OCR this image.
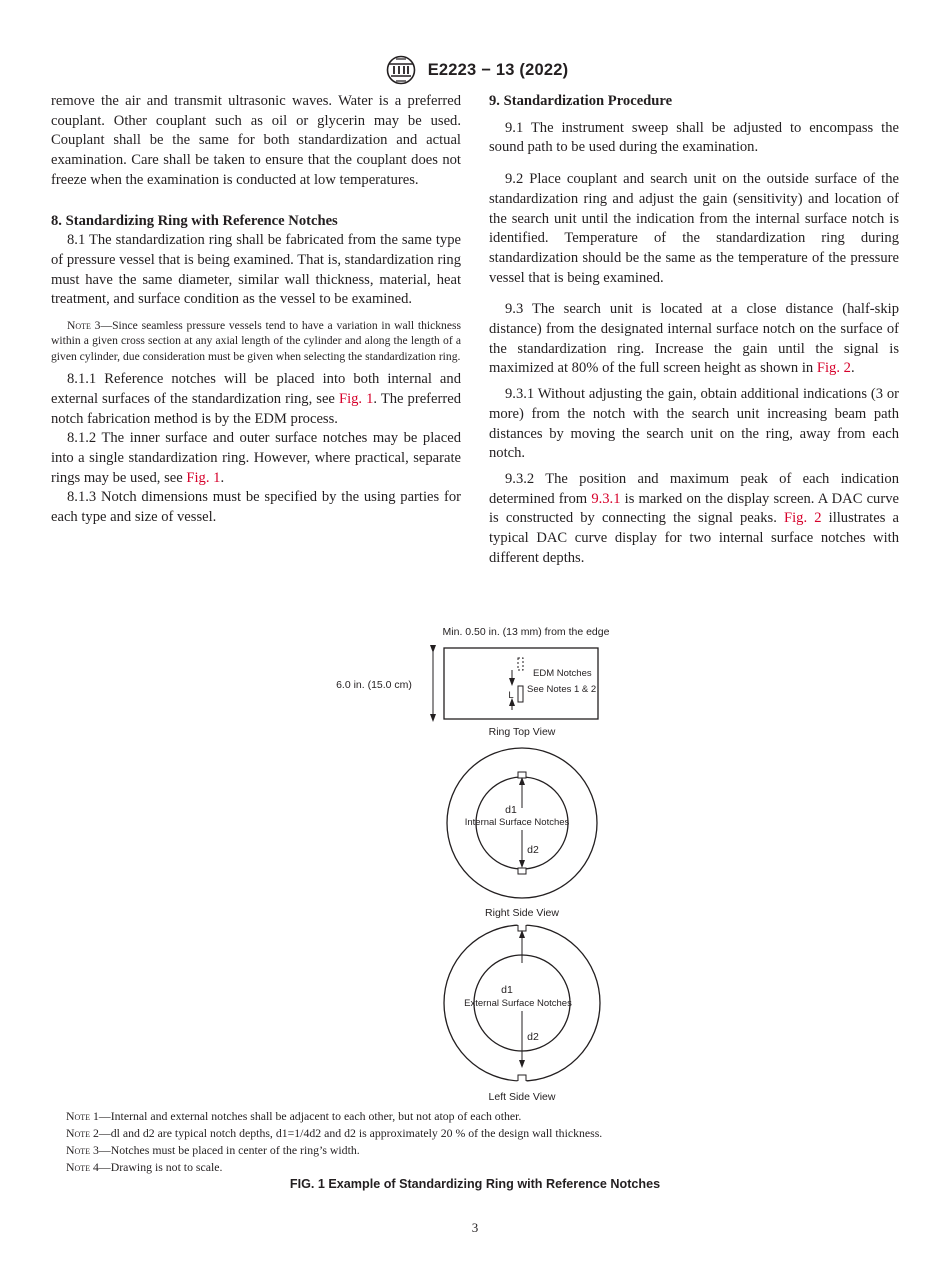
E2223 − 13 (2022)

remove the air and transmit ultrasonic waves. Water is a preferred couplant. Other couplant such as oil or glycerin may be used. Couplant shall be the same for both standardization and actual examination. Care shall be taken to ensure that the couplant does not freeze when the examination is conducted at low temperatures.

8. Standardizing Ring with Reference Notches

8.1 The standardization ring shall be fabricated from the same type of pressure vessel that is being examined. That is, standardization ring must have the same diameter, similar wall thickness, material, heat treatment, and surface condition as the vessel to be examined.

Note 3—Since seamless pressure vessels tend to have a variation in wall thickness within a given cross section at any axial length of the cylinder and along the length of a given cylinder, due consideration must be given when selecting the standardization ring.

8.1.1 Reference notches will be placed into both internal and external surfaces of the standardization ring, see Fig. 1. The preferred notch fabrication method is by the EDM process.

8.1.2 The inner surface and outer surface notches may be placed into a single standardization ring. However, where practical, separate rings may be used, see Fig. 1.

8.1.3 Notch dimensions must be specified by the using parties for each type and size of vessel.

9. Standardization Procedure

9.1 The instrument sweep shall be adjusted to encompass the sound path to be used during the examination.

9.2 Place couplant and search unit on the outside surface of the standardization ring and adjust the gain (sensitivity) and location of the search unit until the indication from the internal surface notch is identified. Temperature of the standardization ring during standardization should be the same as the temperature of the pressure vessel that is being examined.

9.3 The search unit is located at a close distance (half-skip distance) from the designated internal surface notch on the surface of the standardization ring. Increase the gain until the signal is maximized at 80% of the full screen height as shown in Fig. 2.

9.3.1 Without adjusting the gain, obtain additional indications (3 or more) from the notch with the search unit increasing beam path distances by moving the search unit on the ring, away from each notch.

9.3.2 The position and maximum peak of each indication determined from 9.3.1 is marked on the display screen. A DAC curve is constructed by connecting the signal peaks. Fig. 2 illustrates a typical DAC curve display for two internal surface notches with different depths.

Min. 0.50 in. (13 mm) from the edge
6.0 in. (15.0 cm)
L
EDM Notches
See Notes 1 & 2
Ring Top View
d1
Internal Surface Notches
d2
Right Side View
d1
External Surface Notches
d2
Left Side View

Note 1—Internal and external notches shall be adjacent to each other, but not atop of each other.

Note 2—dl and d2 are typical notch depths, d1=1/4d2 and d2 is approximately 20 % of the design wall thickness.

Note 3—Notches must be placed in center of the ring’s width.

Note 4—Drawing is not to scale.

FIG. 1 Example of Standardizing Ring with Reference Notches
3
